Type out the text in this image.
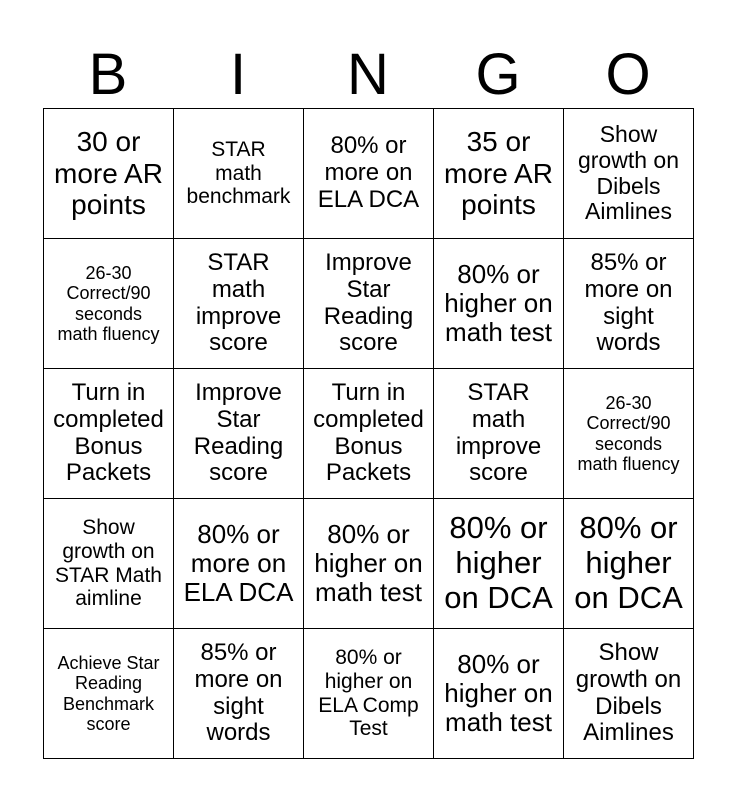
B	I	N	G	O
30 or
more AR
points	STAR
math
benchmark	80% or
more on
ELA DCA	35 or
more AR
points	Show
growth on
Dibels
Aimlines

26-30
Correct/90
seconds
math fluency	STAR
math
improve
score	Improve
Star
Reading
score	80% or
higher on
math test	85% or
more on
sight
words

Turn in
completed
Bonus
Packets	Improve
Star
Reading
score	Turn in
completed
Bonus
Packets	STAR
math
improve
score	26-30
Correct/90
seconds
math fluency

Show
growth on
STAR Math
aimline	80% or
more on
ELA DCA	80% or
higher on
math test	80% or
higher
on DCA	80% or
higher
on DCA

Achieve Star
Reading
Benchmark
score	85% or
more on
sight
words	80% or
higher on
ELA Comp
Test	80% or
higher on
math test	Show
growth on
Dibels
Aimlines
